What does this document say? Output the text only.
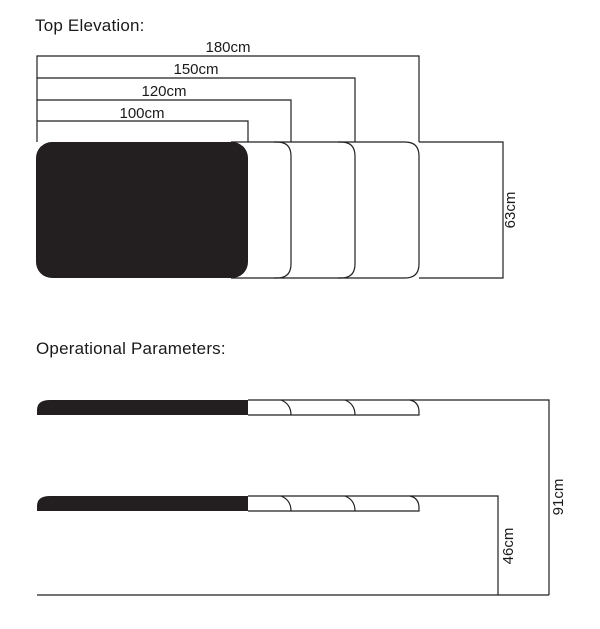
Top Elevation:
Operational Parameters:
180cm
150cm
120cm
100cm
63cm
91cm
46cm
